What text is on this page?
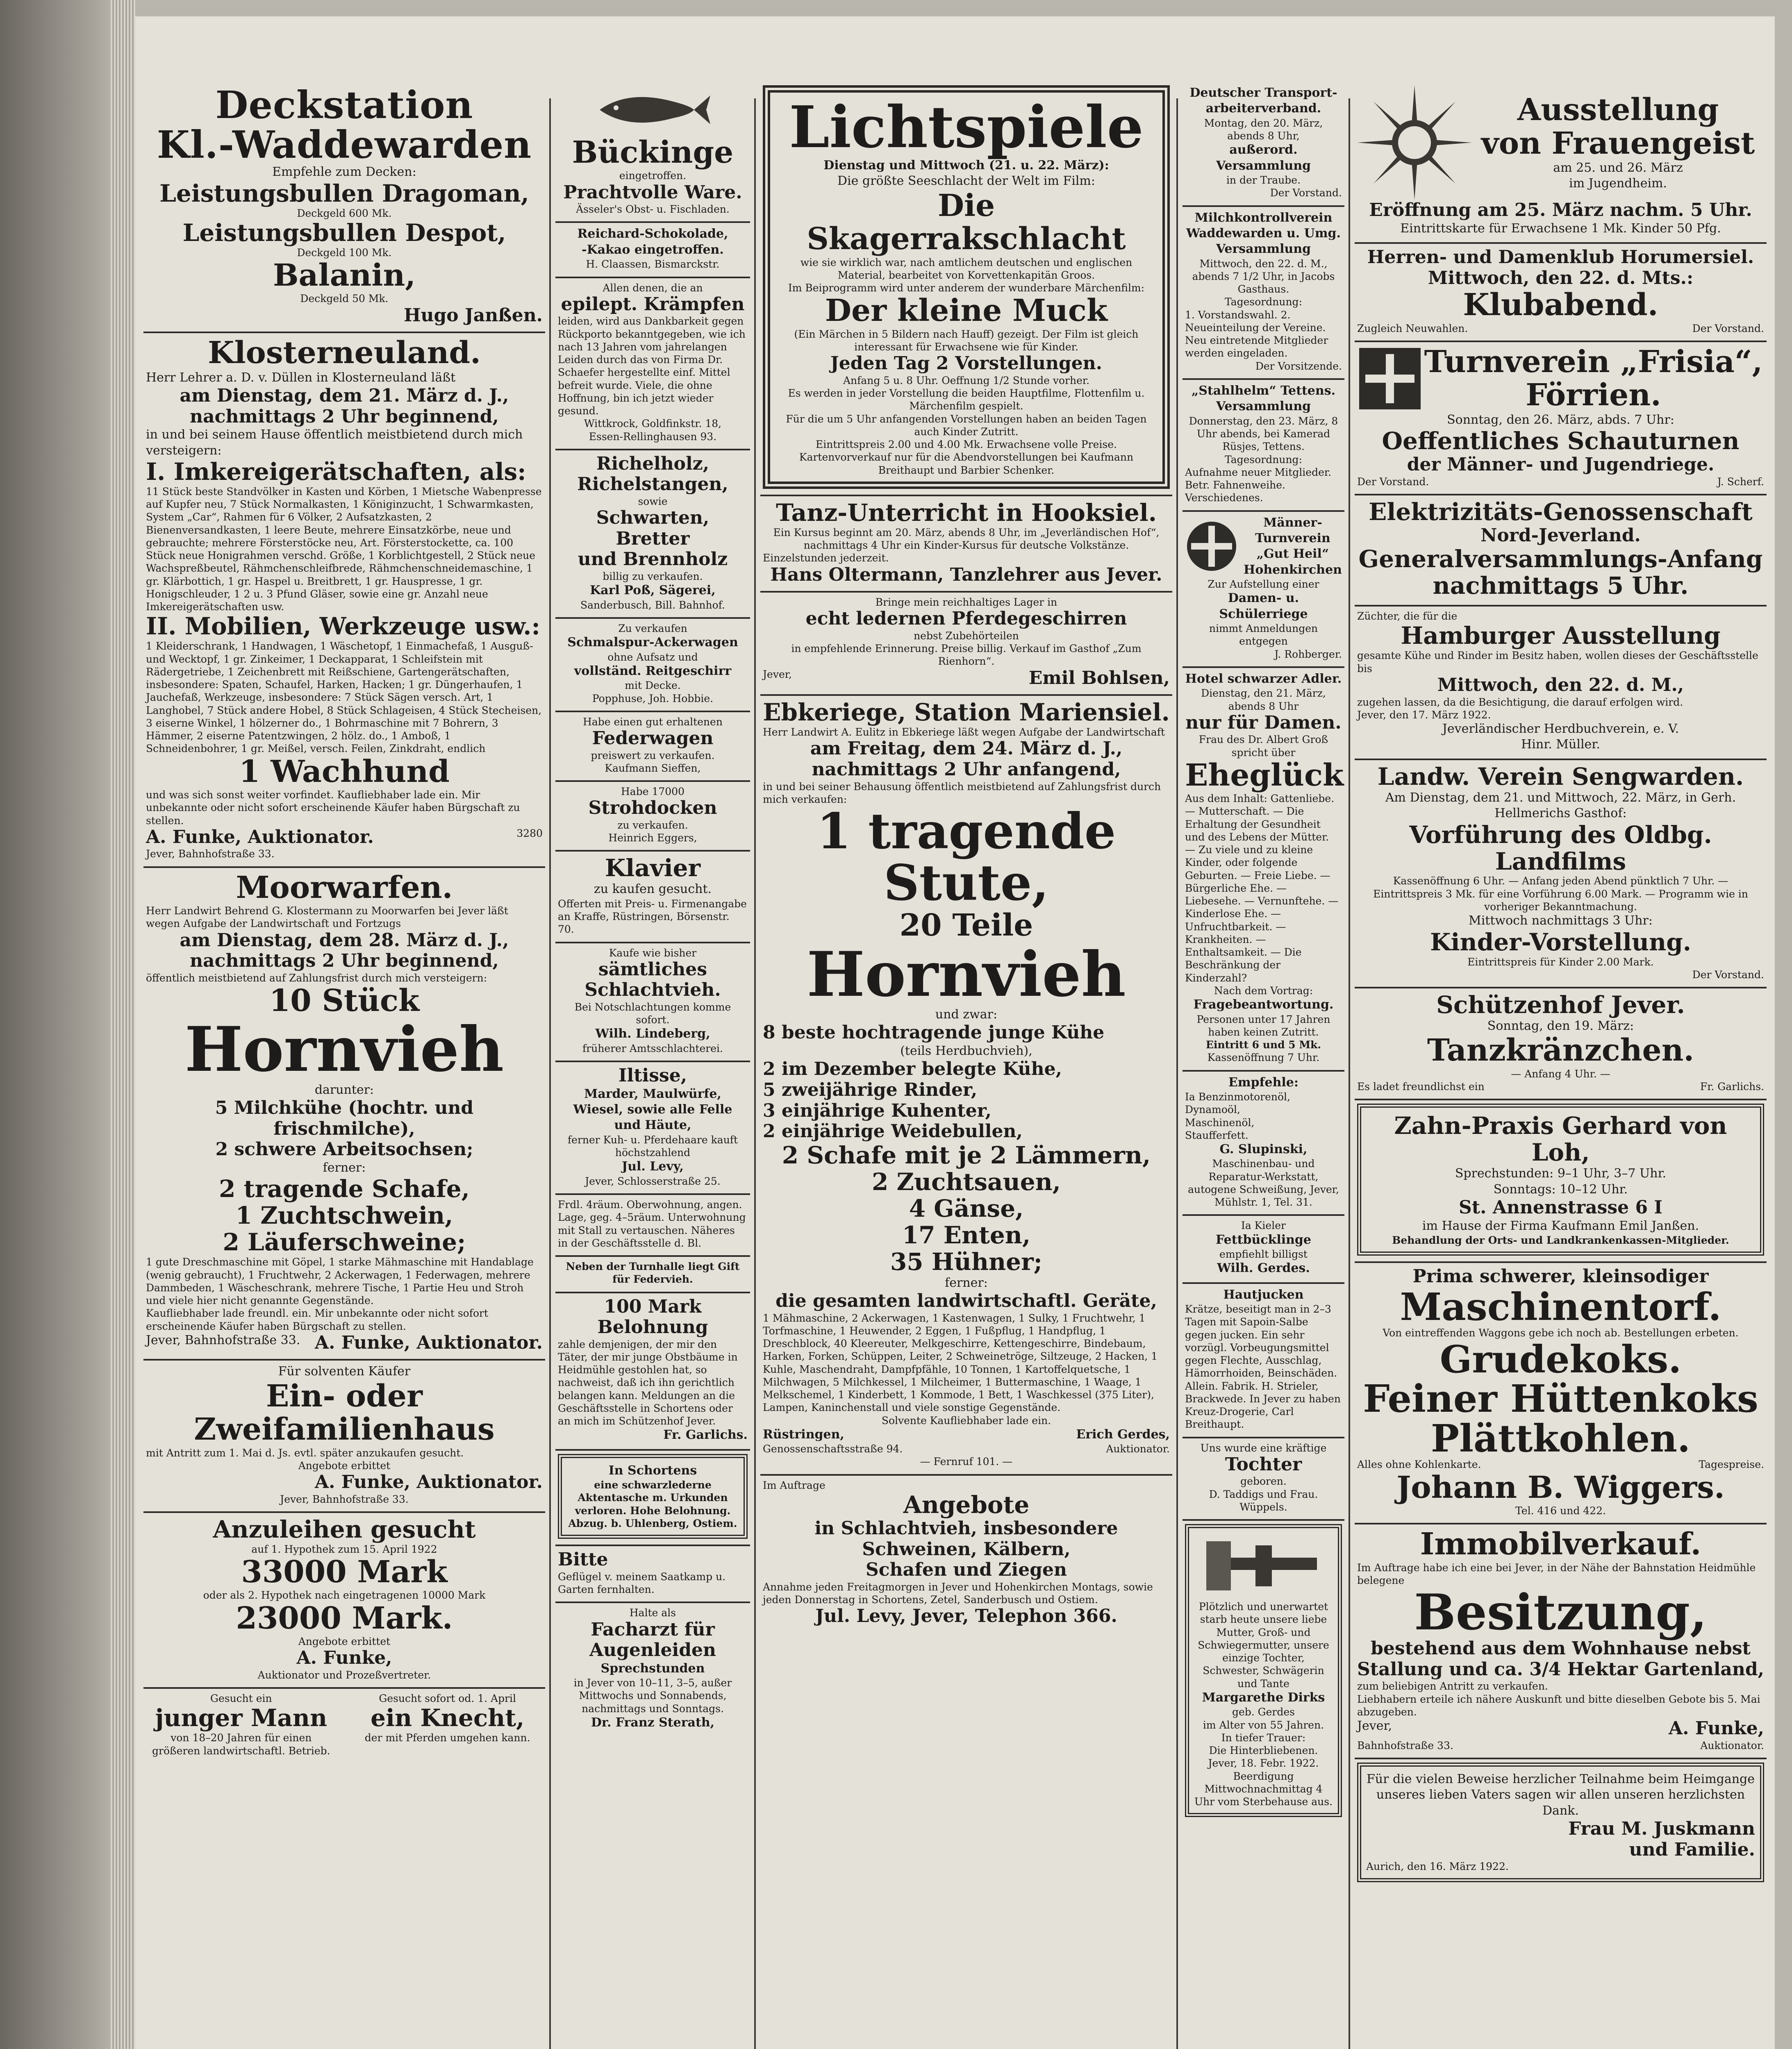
Deckstation
Kl.-Waddewarden
Empfehle zum Decken:
Leistungsbullen Dragoman,
Deckgeld 600 Mk.
Leistungsbullen Despot,
Deckgeld 100 Mk.
Balanin,
Deckgeld 50 Mk.
Hugo Janßen.
Klosterneuland.
Herr Lehrer a. D. v. Düllen in Klosterneuland läßt
am Dienstag, dem 21. März d. J.,
nachmittags 2 Uhr beginnend,
in und bei seinem Hause öffentlich meistbietend durch mich versteigern:
I. Imkereigerätschaften, als:
11 Stück beste Standvölker in Kasten und Körben, 1 Mietsche Wabenpresse auf Kupfer neu, 7 Stück Normalkasten, 1 Königinzucht, 1 Schwarmkasten, System „Car“, Rahmen für 6 Völker, 2 Aufsatzkasten, 2 Bienenversandkasten, 1 leere Beute, mehrere Einsatzkörbe, neue und gebrauchte; mehrere Försterstöcke neu, Art. Försterstockette, ca. 100 Stück neue Honigrahmen verschd. Größe, 1 Korblichtgestell, 2 Stück neue Wachspreßbeutel, Rähmchenschleifbrede, Rähmchenschneidemaschine, 1 gr. Klärbottich, 1 gr. Haspel u. Breitbrett, 1 gr. Hauspresse, 1 gr. Honigschleuder, 1 2 u. 3 Pfund Gläser, sowie eine gr. Anzahl neue Imkereigerätschaften usw.
II. Mobilien, Werkzeuge usw.:
1 Kleiderschrank, 1 Handwagen, 1 Wäschetopf, 1 Einmachefaß, 1 Ausguß- und Wecktopf, 1 gr. Zinkeimer, 1 Deckapparat, 1 Schleifstein mit Rädergetriebe, 1 Zeichenbrett mit Reißschiene, Gartengerätschaften, insbesondere: Spaten, Schaufel, Harken, Hacken; 1 gr. Düngerhaufen, 1 Jauchefaß, Werkzeuge, insbesondere: 7 Stück Sägen versch. Art, 1 Langhobel, 7 Stück andere Hobel, 8 Stück Schlageisen, 4 Stück Stecheisen, 3 eiserne Winkel, 1 hölzerner do., 1 Bohrmaschine mit 7 Bohrern, 3 Hämmer, 2 eiserne Patentzwingen, 2 hölz. do., 1 Amboß, 1 Schneidenbohrer, 1 gr. Meißel, versch. Feilen, Zinkdraht, endlich
1 Wachhund
und was sich sonst weiter vorfindet. Kaufliebhaber lade ein. Mir unbekannte oder nicht sofort erscheinende Käufer haben Bürgschaft zu stellen.
A. Funke, Auktionator.	3280
Jever, Bahnhofstraße 33.
Moorwarfen.
Herr Landwirt Behrend G. Klostermann zu Moorwarfen bei Jever läßt wegen Aufgabe der Landwirtschaft und Fortzugs
am Dienstag, dem 28. März d. J.,
nachmittags 2 Uhr beginnend,
öffentlich meistbietend auf Zahlungsfrist durch mich versteigern:
10 Stück
Hornvieh
darunter:
5 Milchkühe (hochtr. und frischmilche),
2 schwere Arbeitsochsen;
ferner:
2 tragende Schafe,
1 Zuchtschwein,
2 Läuferschweine;
1 gute Dreschmaschine mit Göpel, 1 starke Mähmaschine mit Handablage (wenig gebraucht), 1 Fruchtwehr, 2 Ackerwagen, 1 Federwagen, mehrere Dammbeden, 1 Wäscheschrank, mehrere Tische, 1 Partie Heu und Stroh und viele hier nicht genannte Gegenstände.
Kaufliebhaber lade freundl. ein. Mir unbekannte oder nicht sofort erscheinende Käufer haben Bürgschaft zu stellen.
Jever, Bahnhofstraße 33. A. Funke, Auktionator.
Für solventen Käufer
Ein- oder
Zweifamilienhaus
mit Antritt zum 1. Mai d. Js. evtl. später anzukaufen gesucht.
Angebote erbittet
A. Funke, Auktionator.
Jever, Bahnhofstraße 33.
Anzuleihen gesucht
auf 1. Hypothek zum 15. April 1922
33000 Mark
oder als 2. Hypothek nach eingetragenen 10000 Mark
23000 Mark.
Angebote erbittet
A. Funke,
Auktionator und Prozeßvertreter.
Gesucht ein
junger Mann
von 18–20 Jahren für einen größeren landwirtschaftl. Betrieb.
Gesucht sofort od. 1. April
ein Knecht,
der mit Pferden umgehen kann.
Bückinge
eingetroffen.
Prachtvolle Ware.
Ässeler's Obst- u. Fischladen.
Reichard-Schokolade,
-Kakao eingetroffen.
H. Claassen, Bismarckstr.
Allen denen, die an
epilept. Krämpfen
leiden, wird aus Dankbarkeit gegen Rückporto bekanntgegeben, wie ich nach 13 Jahren vom jahrelangen Leiden durch das von Firma Dr. Schaefer hergestellte einf. Mittel befreit wurde. Viele, die ohne Hoffnung, bin ich jetzt wieder gesund.
Wittkrock, Goldfinkstr. 18,
Essen-Rellinghausen 93.
Richelholz,
Richelstangen,
sowie
Schwarten,
Bretter
und Brennholz
billig zu verkaufen.
Karl Poß, Sägerei,
Sanderbusch, Bill. Bahnhof.
Zu verkaufen
Schmalspur-Ackerwagen
ohne Aufsatz und
vollständ. Reitgeschirr
mit Decke.
Popphuse, Joh. Hobbie.
Habe einen gut erhaltenen
Federwagen
preiswert zu verkaufen.
Kaufmann Sieffen,
Habe 17000
Strohdocken
zu verkaufen.
Heinrich Eggers,
Klavier
zu kaufen gesucht.
Offerten mit Preis- u. Firmenangabe an Kraffe, Rüstringen, Börsenstr. 70.
Kaufe wie bisher
sämtliches
Schlachtvieh.
Bei Notschlachtungen komme sofort.
Wilh. Lindeberg,
früherer Amtsschlachterei.
Iltisse,
Marder, Maulwürfe,
Wiesel, sowie alle Felle
und Häute,
ferner Kuh- u. Pferdehaare kauft höchstzahlend
Jul. Levy,
Jever, Schlosserstraße 25.
Frdl. 4räum. Oberwohnung, angen. Lage, geg. 4–5räum. Unterwohnung mit Stall zu vertauschen. Näheres in der Geschäftsstelle d. Bl.
Neben der Turnhalle liegt Gift für Federvieh.
100 Mark
Belohnung
zahle demjenigen, der mir den Täter, der mir junge Obstbäume in Heidmühle gestohlen hat, so nachweist, daß ich ihn gerichtlich belangen kann. Meldungen an die Geschäftsstelle in Schortens oder an mich im Schützenhof Jever.
Fr. Garlichs.
In Schortens
eine schwarzlederne Aktentasche m. Urkunden verloren. Hohe Belohnung. Abzug. b. Uhlenberg, Ostiem.
Bitte
Geflügel v. meinem Saatkamp u. Garten fernhalten.
Halte als
Facharzt für
Augenleiden
Sprechstunden
in Jever von 10–11, 3–5, außer Mittwochs und Sonnabends, nachmittags und Sonntags.
Dr. Franz Sterath,
Lichtspiele
Dienstag und Mittwoch (21. u. 22. März):
Die größte Seeschlacht der Welt im Film:
Die Skagerrakschlacht
wie sie wirklich war, nach amtlichem deutschen und englischen Material, bearbeitet von Korvettenkapitän Groos.
Im Beiprogramm wird unter anderem der wunderbare Märchenfilm:
Der kleine Muck
(Ein Märchen in 5 Bildern nach Hauff) gezeigt. Der Film ist gleich interessant für Erwachsene wie für Kinder.
Jeden Tag 2 Vorstellungen.
Anfang 5 u. 8 Uhr. Oeffnung 1/2 Stunde vorher.
Es werden in jeder Vorstellung die beiden Hauptfilme, Flottenfilm u. Märchenfilm gespielt.
Für die um 5 Uhr anfangenden Vorstellungen haben an beiden Tagen auch Kinder Zutritt.
Eintrittspreis 2.00 und 4.00 Mk. Erwachsene volle Preise.
Kartenvorverkauf nur für die Abendvorstellungen bei Kaufmann Breithaupt und Barbier Schenker.
Tanz-Unterricht in Hooksiel.
Ein Kursus beginnt am 20. März, abends 8 Uhr, im „Jeverländischen Hof“, nachmittags 4 Uhr ein Kinder-Kursus für deutsche Volkstänze.
Einzelstunden jederzeit.
Hans Oltermann, Tanzlehrer aus Jever.
Bringe mein reichhaltiges Lager in
echt ledernen Pferdegeschirren
nebst Zubehörteilen
in empfehlende Erinnerung. Preise billig. Verkauf im Gasthof „Zum Rienhorn“.
Jever,	Emil Bohlsen,
Ebkeriege, Station Mariensiel.
Herr Landwirt A. Eulitz in Ebkeriege läßt wegen Aufgabe der Landwirtschaft
am Freitag, dem 24. März d. J.,
nachmittags 2 Uhr anfangend,
in und bei seiner Behausung öffentlich meistbietend auf Zahlungsfrist durch mich verkaufen:
1 tragende Stute,
20 Teile
Hornvieh
und zwar:
8 beste hochtragende junge Kühe
(teils Herdbuchvieh),
2 im Dezember belegte Kühe,
5 zweijährige Rinder,
3 einjährige Kuhenter,
2 einjährige Weidebullen,
2 Schafe mit je 2 Lämmern,
2 Zuchtsauen,
4 Gänse,
17 Enten,
35 Hühner;
ferner:
die gesamten landwirtschaftl. Geräte,
1 Mähmaschine, 2 Ackerwagen, 1 Kastenwagen, 1 Sulky, 1 Fruchtwehr, 1 Torfmaschine, 1 Heuwender, 2 Eggen, 1 Fußpflug, 1 Handpflug, 1 Dreschblock, 40 Kleereuter, Melkgeschirre, Kettengeschirre, Bindebaum, Harken, Forken, Schüppen, Leiter, 2 Schweinetröge, Siltzeuge, 2 Hacken, 1 Kuhle, Maschendraht, Dampfpfähle, 10 Tonnen, 1 Kartoffelquetsche, 1 Milchwagen, 5 Milchkessel, 1 Milcheimer, 1 Buttermaschine, 1 Waage, 1 Melkschemel, 1 Kinderbett, 1 Kommode, 1 Bett, 1 Waschkessel (375 Liter), Lampen, Kaninchenstall und viele sonstige Gegenstände.
Solvente Kaufliebhaber lade ein.
Rüstringen,	Erich Gerdes,
Genossenschaftsstraße 94.	Auktionator.
— Fernruf 101. —
Im Auftrage
Angebote
in Schlachtvieh, insbesondere
Schweinen, Kälbern,
Schafen und Ziegen
Annahme jeden Freitagmorgen in Jever und Hohenkirchen Montags, sowie jeden Donnerstag in Schortens, Zetel, Sanderbusch und Ostiem.
Jul. Levy, Jever, Telephon 366.
Deutscher Transport-
arbeiterverband.
Montag, den 20. März, abends 8 Uhr,
außerord. Versammlung
in der Traube.
Der Vorstand.
Milchkontrollverein
Waddewarden u. Umg.
Versammlung
Mittwoch, den 22. d. M., abends 7 1/2 Uhr, in Jacobs Gasthaus.
Tagesordnung:
1. Vorstandswahl. 2. Neueinteilung der Vereine. Neu eintretende Mitglieder werden eingeladen.
Der Vorsitzende.
„Stahlhelm“ Tettens.
Versammlung
Donnerstag, den 23. März, 8 Uhr abends, bei Kamerad Rüsjes, Tettens.
Tagesordnung:
Aufnahme neuer Mitglieder. Betr. Fahnenweihe. Verschiedenes.
Männer-
Turnverein
„Gut Heil“
Hohenkirchen
Zur Aufstellung einer
Damen- u. Schülerriege
nimmt Anmeldungen entgegen
J. Rohberger.
Hotel schwarzer Adler.
Dienstag, den 21. März, abends 8 Uhr
nur für Damen.
Frau des Dr. Albert Groß spricht über
Eheglück
Aus dem Inhalt: Gattenliebe. — Mutterschaft. — Die Erhaltung der Gesundheit und des Lebens der Mütter. — Zu viele und zu kleine Kinder, oder folgende Geburten. — Freie Liebe. — Bürgerliche Ehe. — Liebesehe. — Vernunftehe. — Kinderlose Ehe. — Unfruchtbarkeit. — Krankheiten. — Enthaltsamkeit. — Die Beschränkung der Kinderzahl?
Nach dem Vortrag:
Fragebeantwortung.
Personen unter 17 Jahren haben keinen Zutritt.
Eintritt 6 und 5 Mk.
Kassenöffnung 7 Uhr.
Empfehle:
Ia Benzinmotorenöl,
Dynamoöl,
Maschinenöl,
Staufferfett.
G. Slupinski,
Maschinenbau- und Reparatur-Werkstatt, autogene Schweißung, Jever, Mühlstr. 1, Tel. 31.
Ia Kieler
Fettbücklinge
empfiehlt billigst
Wilh. Gerdes.
Hautjucken
Krätze, beseitigt man in 2–3 Tagen mit Sapoin-Salbe gegen jucken. Ein sehr vorzügl. Vorbeugungsmittel gegen Flechte, Ausschlag, Hämorrhoiden, Beinschäden. Allein. Fabrik. H. Strieler, Brackwede. In Jever zu haben Kreuz-Drogerie, Carl Breithaupt.
Uns wurde eine kräftige
Tochter
geboren.
D. Taddigs und Frau.
Wüppels.
Plötzlich und unerwartet starb heute unsere liebe Mutter, Groß- und Schwiegermutter, unsere einzige Tochter, Schwester, Schwägerin und Tante
Margarethe Dirks
geb. Gerdes
im Alter von 55 Jahren.
In tiefer Trauer:
Die Hinterbliebenen.
Jever, 18. Febr. 1922.
Beerdigung Mittwochnachmittag 4 Uhr vom Sterbehause aus.
Ausstellung
von Frauengeist
am 25. und 26. März
im Jugendheim.
Eröffnung am 25. März nachm. 5 Uhr.
Eintrittskarte für Erwachsene 1 Mk. Kinder 50 Pfg.
Herren- und Damenklub Horumersiel.
Mittwoch, den 22. d. Mts.:
Klubabend.
Zugleich Neuwahlen.	Der Vorstand.
Turnverein „Frisia“,
Förrien.
Sonntag, den 26. März, abds. 7 Uhr:
Oeffentliches Schauturnen
der Männer- und Jugendriege.
Der Vorstand.	J. Scherf.
Elektrizitäts-Genossenschaft
Nord-Jeverland.
Generalversammlungs-Anfang
nachmittags 5 Uhr.
Züchter, die für die
Hamburger Ausstellung
gesamte Kühe und Rinder im Besitz haben, wollen dieses der Geschäftsstelle bis
Mittwoch, den 22. d. M.,
zugehen lassen, da die Besichtigung, die darauf erfolgen wird.
Jever, den 17. März 1922.
Jeverländischer Herdbuchverein, e. V.
Hinr. Müller.
Landw. Verein Sengwarden.
Am Dienstag, dem 21. und Mittwoch, 22. März, in Gerh. Hellmerichs Gasthof:
Vorführung des Oldbg. Landfilms
Kassenöffnung 6 Uhr. — Anfang jeden Abend pünktlich 7 Uhr. — Eintrittspreis 3 Mk. für eine Vorführung 6.00 Mark. — Programm wie in vorheriger Bekanntmachung.
Mittwoch nachmittags 3 Uhr:
Kinder-Vorstellung.
Eintrittspreis für Kinder 2.00 Mark.
Der Vorstand.
Schützenhof Jever.
Sonntag, den 19. März:
Tanzkränzchen.
— Anfang 4 Uhr. —
Es ladet freundlichst ein	Fr. Garlichs.
Zahn-Praxis Gerhard von Loh,
Sprechstunden: 9–1 Uhr, 3–7 Uhr.
Sonntags: 10–12 Uhr.
St. Annenstrasse 6 I
im Hause der Firma Kaufmann Emil Janßen.
Behandlung der Orts- und Landkrankenkassen-Mitglieder.
Prima schwerer, kleinsodiger
Maschinentorf.
Von eintreffenden Waggons gebe ich noch ab. Bestellungen erbeten.
Grudekoks.
Feiner Hüttenkoks
Plättkohlen.
Alles ohne Kohlenkarte.	Tagespreise.
Johann B. Wiggers.
Tel. 416 und 422.
Immobilverkauf.
Im Auftrage habe ich eine bei Jever, in der Nähe der Bahnstation Heidmühle belegene
Besitzung,
bestehend aus dem Wohnhause nebst Stallung und ca. 3/4 Hektar Gartenland,
zum beliebigen Antritt zu verkaufen.
Liebhabern erteile ich nähere Auskunft und bitte dieselben Gebote bis 5. Mai abzugeben.
Jever,	A. Funke,
Bahnhofstraße 33.	Auktionator.
Für die vielen Beweise herzlicher Teilnahme beim Heimgange unseres lieben Vaters sagen wir allen unseren herzlichsten Dank.
Frau M. Juskmann
und Familie.
Aurich, den 16. März 1922.
